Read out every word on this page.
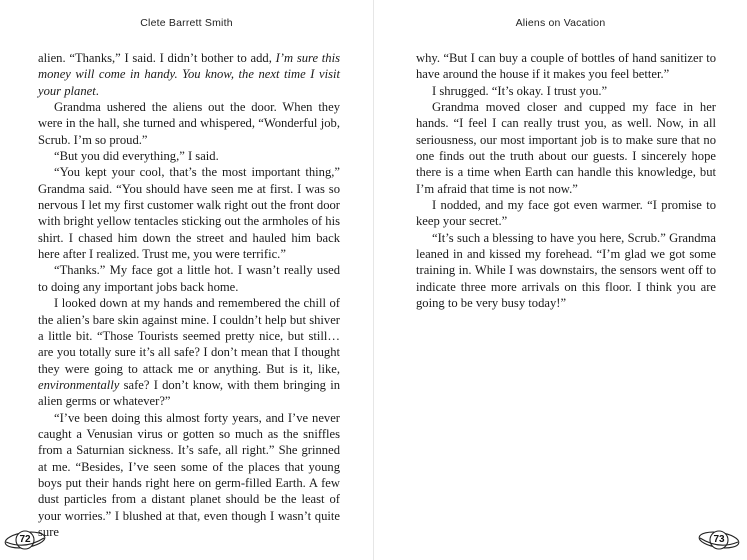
Clete Barrett Smith

alien. “Thanks,” I said. I didn’t bother to add, I’m sure this money will come in handy. You know, the next time I visit your planet.

Grandma ushered the aliens out the door. When they were in the hall, she turned and whispered, “Wonderful job, Scrub. I’m so proud.”

“But you did everything,” I said.

“You kept your cool, that’s the most important thing,” Grandma said. “You should have seen me at first. I was so nervous I let my first customer walk right out the front door with bright yellow tentacles sticking out the armholes of his shirt. I chased him down the street and hauled him back here after I realized. Trust me, you were terrific.”

“Thanks.” My face got a little hot. I wasn’t really used to doing any important jobs back home.

I looked down at my hands and remembered the chill of the alien’s bare skin against mine. I couldn’t help but shiver a little bit. “Those Tourists seemed pretty nice, but still… are you totally sure it’s all safe? I don’t mean that I thought they were going to attack me or anything. But is it, like, environmentally safe? I don’t know, with them bringing in alien germs or whatever?”

“I’ve been doing this almost forty years, and I’ve never caught a Venusian virus or gotten so much as the sniffles from a Saturnian sickness. It’s safe, all right.” She grinned at me. “Besides, I’ve seen some of the places that young boys put their hands right here on germ-filled Earth. A few dust particles from a distant planet should be the least of your worries.” I blushed at that, even though I wasn’t quite sure

72
Aliens on Vacation

why. “But I can buy a couple of bottles of hand sanitizer to have around the house if it makes you feel better.”

I shrugged. “It’s okay. I trust you.”

Grandma moved closer and cupped my face in her hands. “I feel I can really trust you, as well. Now, in all seriousness, our most important job is to make sure that no one finds out the truth about our guests. I sincerely hope there is a time when Earth can handle this knowledge, but I’m afraid that time is not now.”

I nodded, and my face got even warmer. “I promise to keep your secret.”

“It’s such a blessing to have you here, Scrub.” Grandma leaned in and kissed my forehead. “I’m glad we got some training in. While I was downstairs, the sensors went off to indicate three more arrivals on this floor. I think you are going to be very busy today!”

73
